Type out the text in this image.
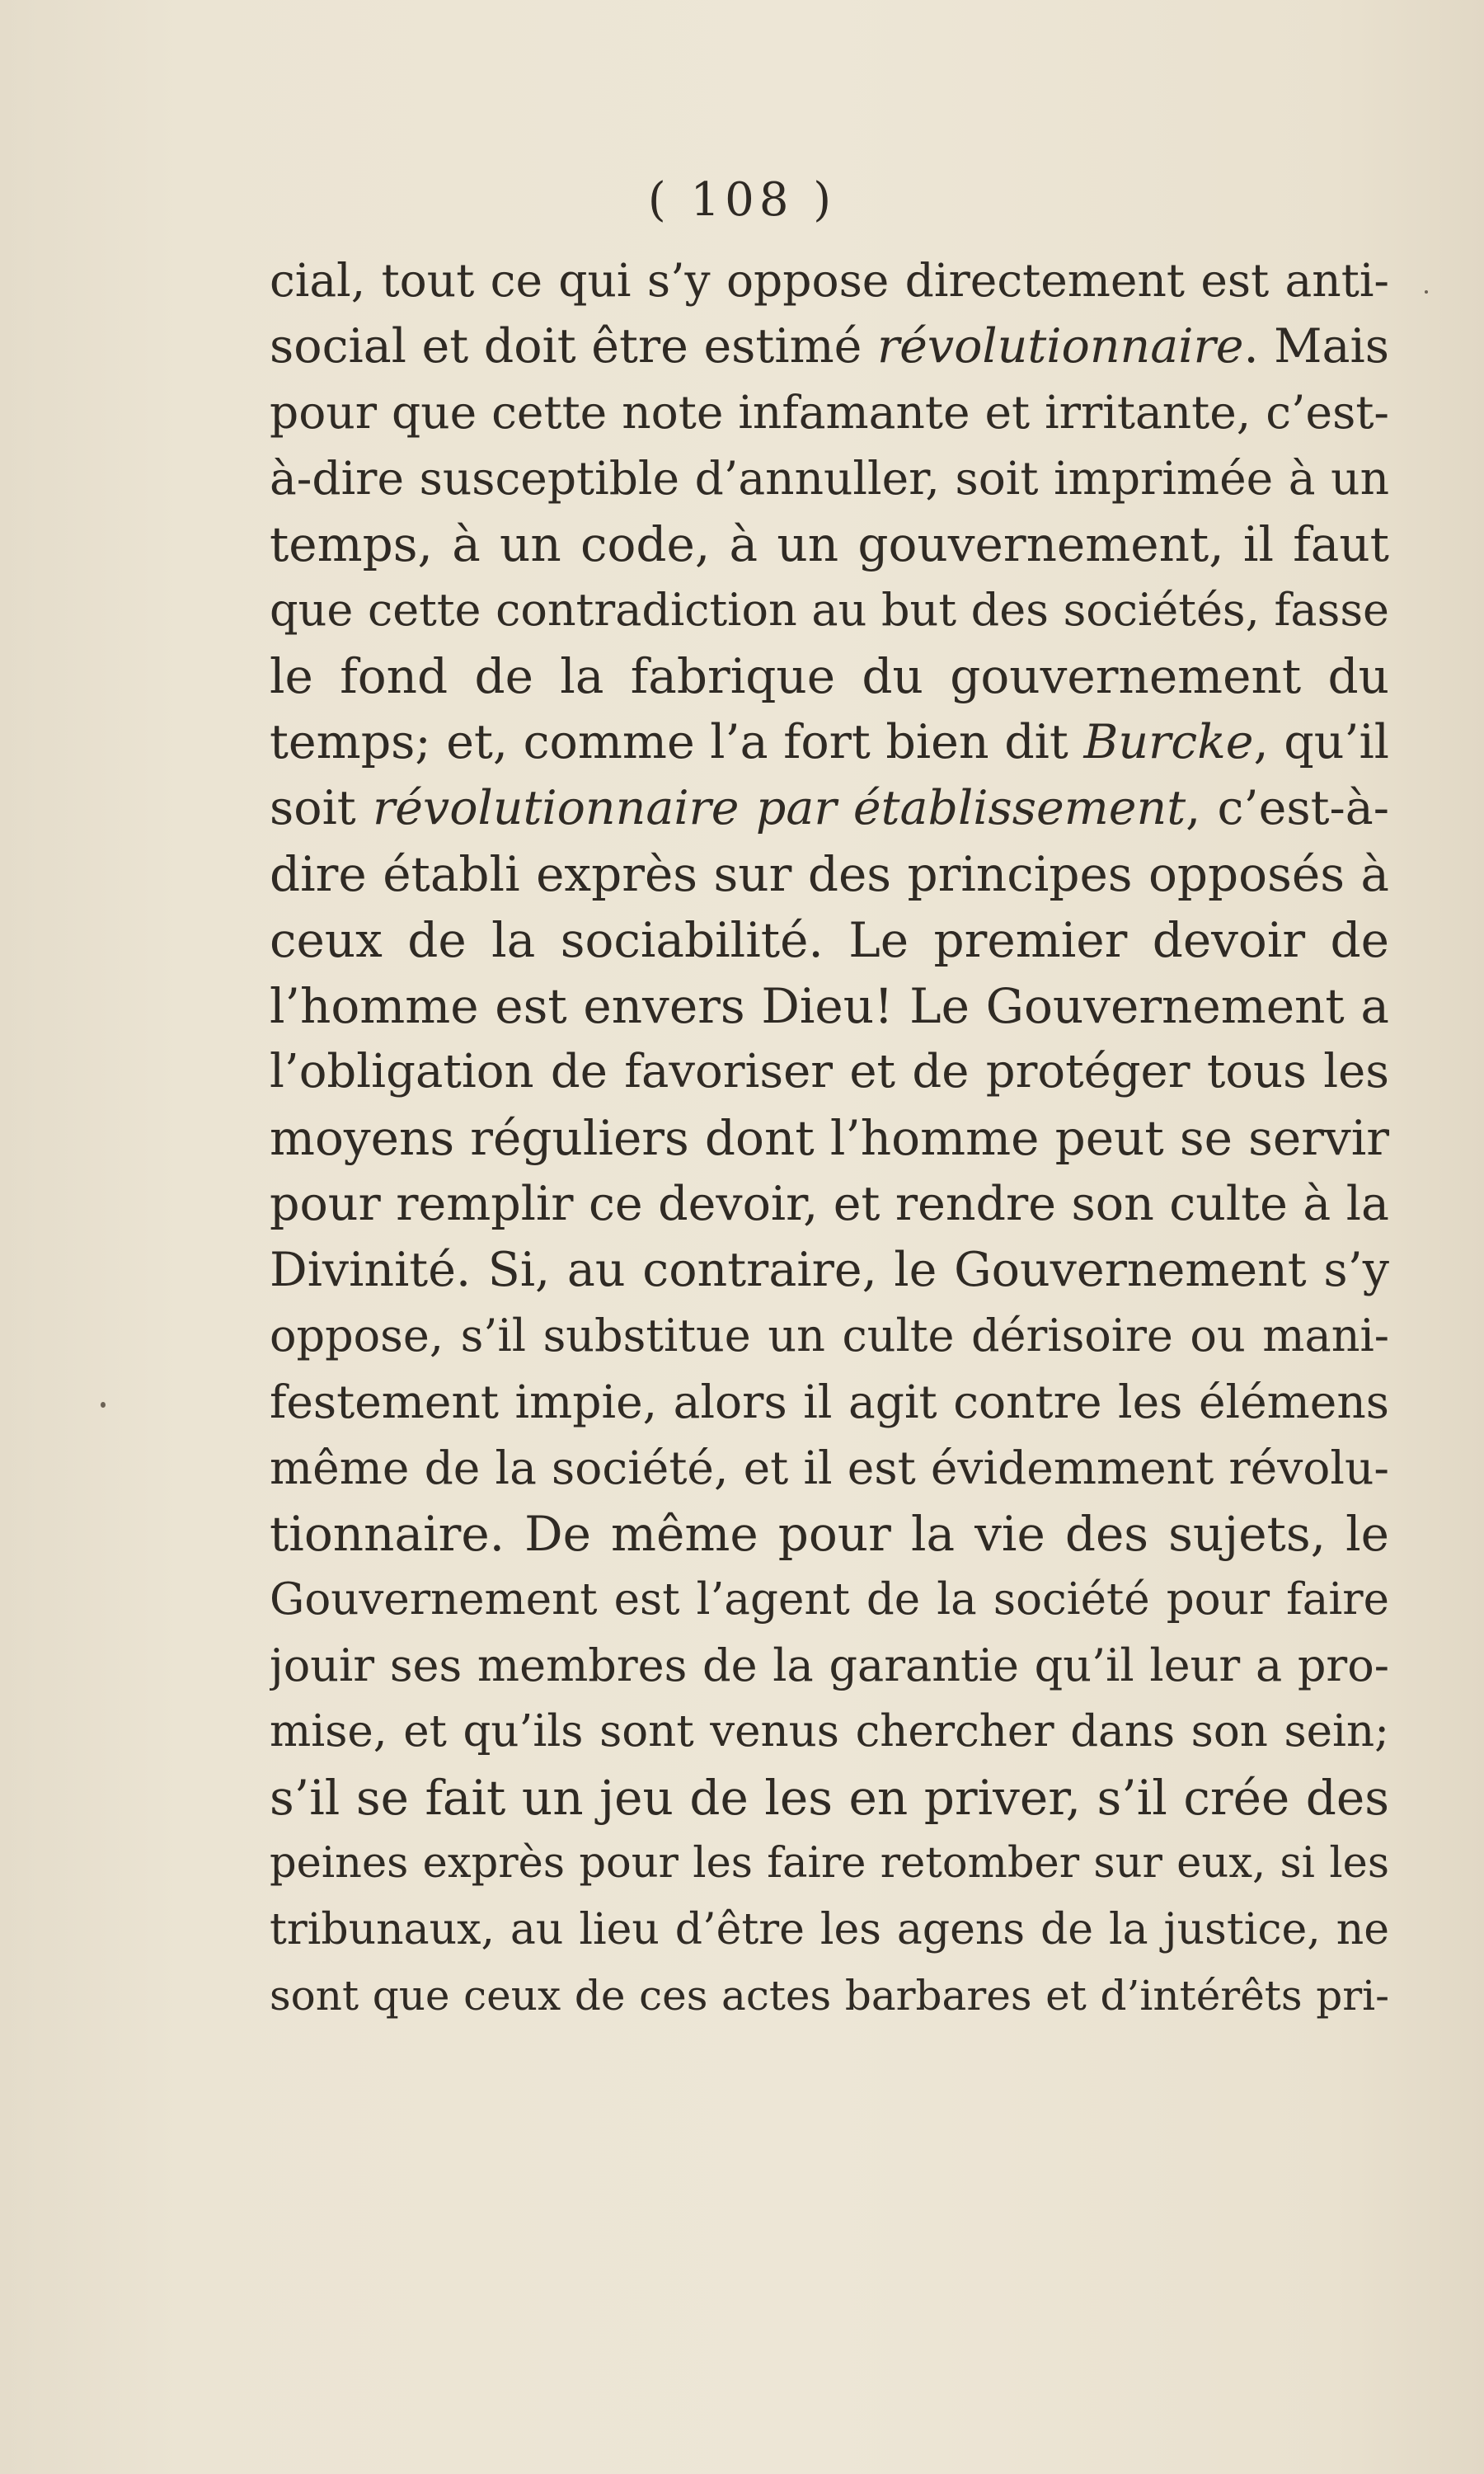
( 108 )
cial, tout ce qui s’y oppose directement est anti-
social et doit être estimé révolutionnaire. Mais
pour que cette note infamante et irritante, c’est-
à-dire susceptible d’annuller, soit imprimée à un
temps, à un code, à un gouvernement, il faut
que cette contradiction au but des sociétés, fasse
le fond de la fabrique du gouvernement du
temps; et, comme l’a fort bien dit Burcke, qu’il
soit révolutionnaire par établissement, c’est-à-
dire établi exprès sur des principes opposés à
ceux de la sociabilité. Le premier devoir de
l’homme est envers Dieu! Le Gouvernement a
l’obligation de favoriser et de protéger tous les
moyens réguliers dont l’homme peut se servir
pour remplir ce devoir, et rendre son culte à la
Divinité. Si, au contraire, le Gouvernement s’y
oppose, s’il substitue un culte dérisoire ou mani-
festement impie, alors il agit contre les élémens
même de la société, et il est évidemment révolu-
tionnaire. De même pour la vie des sujets, le
Gouvernement est l’agent de la société pour faire
jouir ses membres de la garantie qu’il leur a pro-
mise, et qu’ils sont venus chercher dans son sein;
s’il se fait un jeu de les en priver, s’il crée des
peines exprès pour les faire retomber sur eux, si les
tribunaux, au lieu d’être les agens de la justice, ne
sont que ceux de ces actes barbares et d’intérêts pri-
